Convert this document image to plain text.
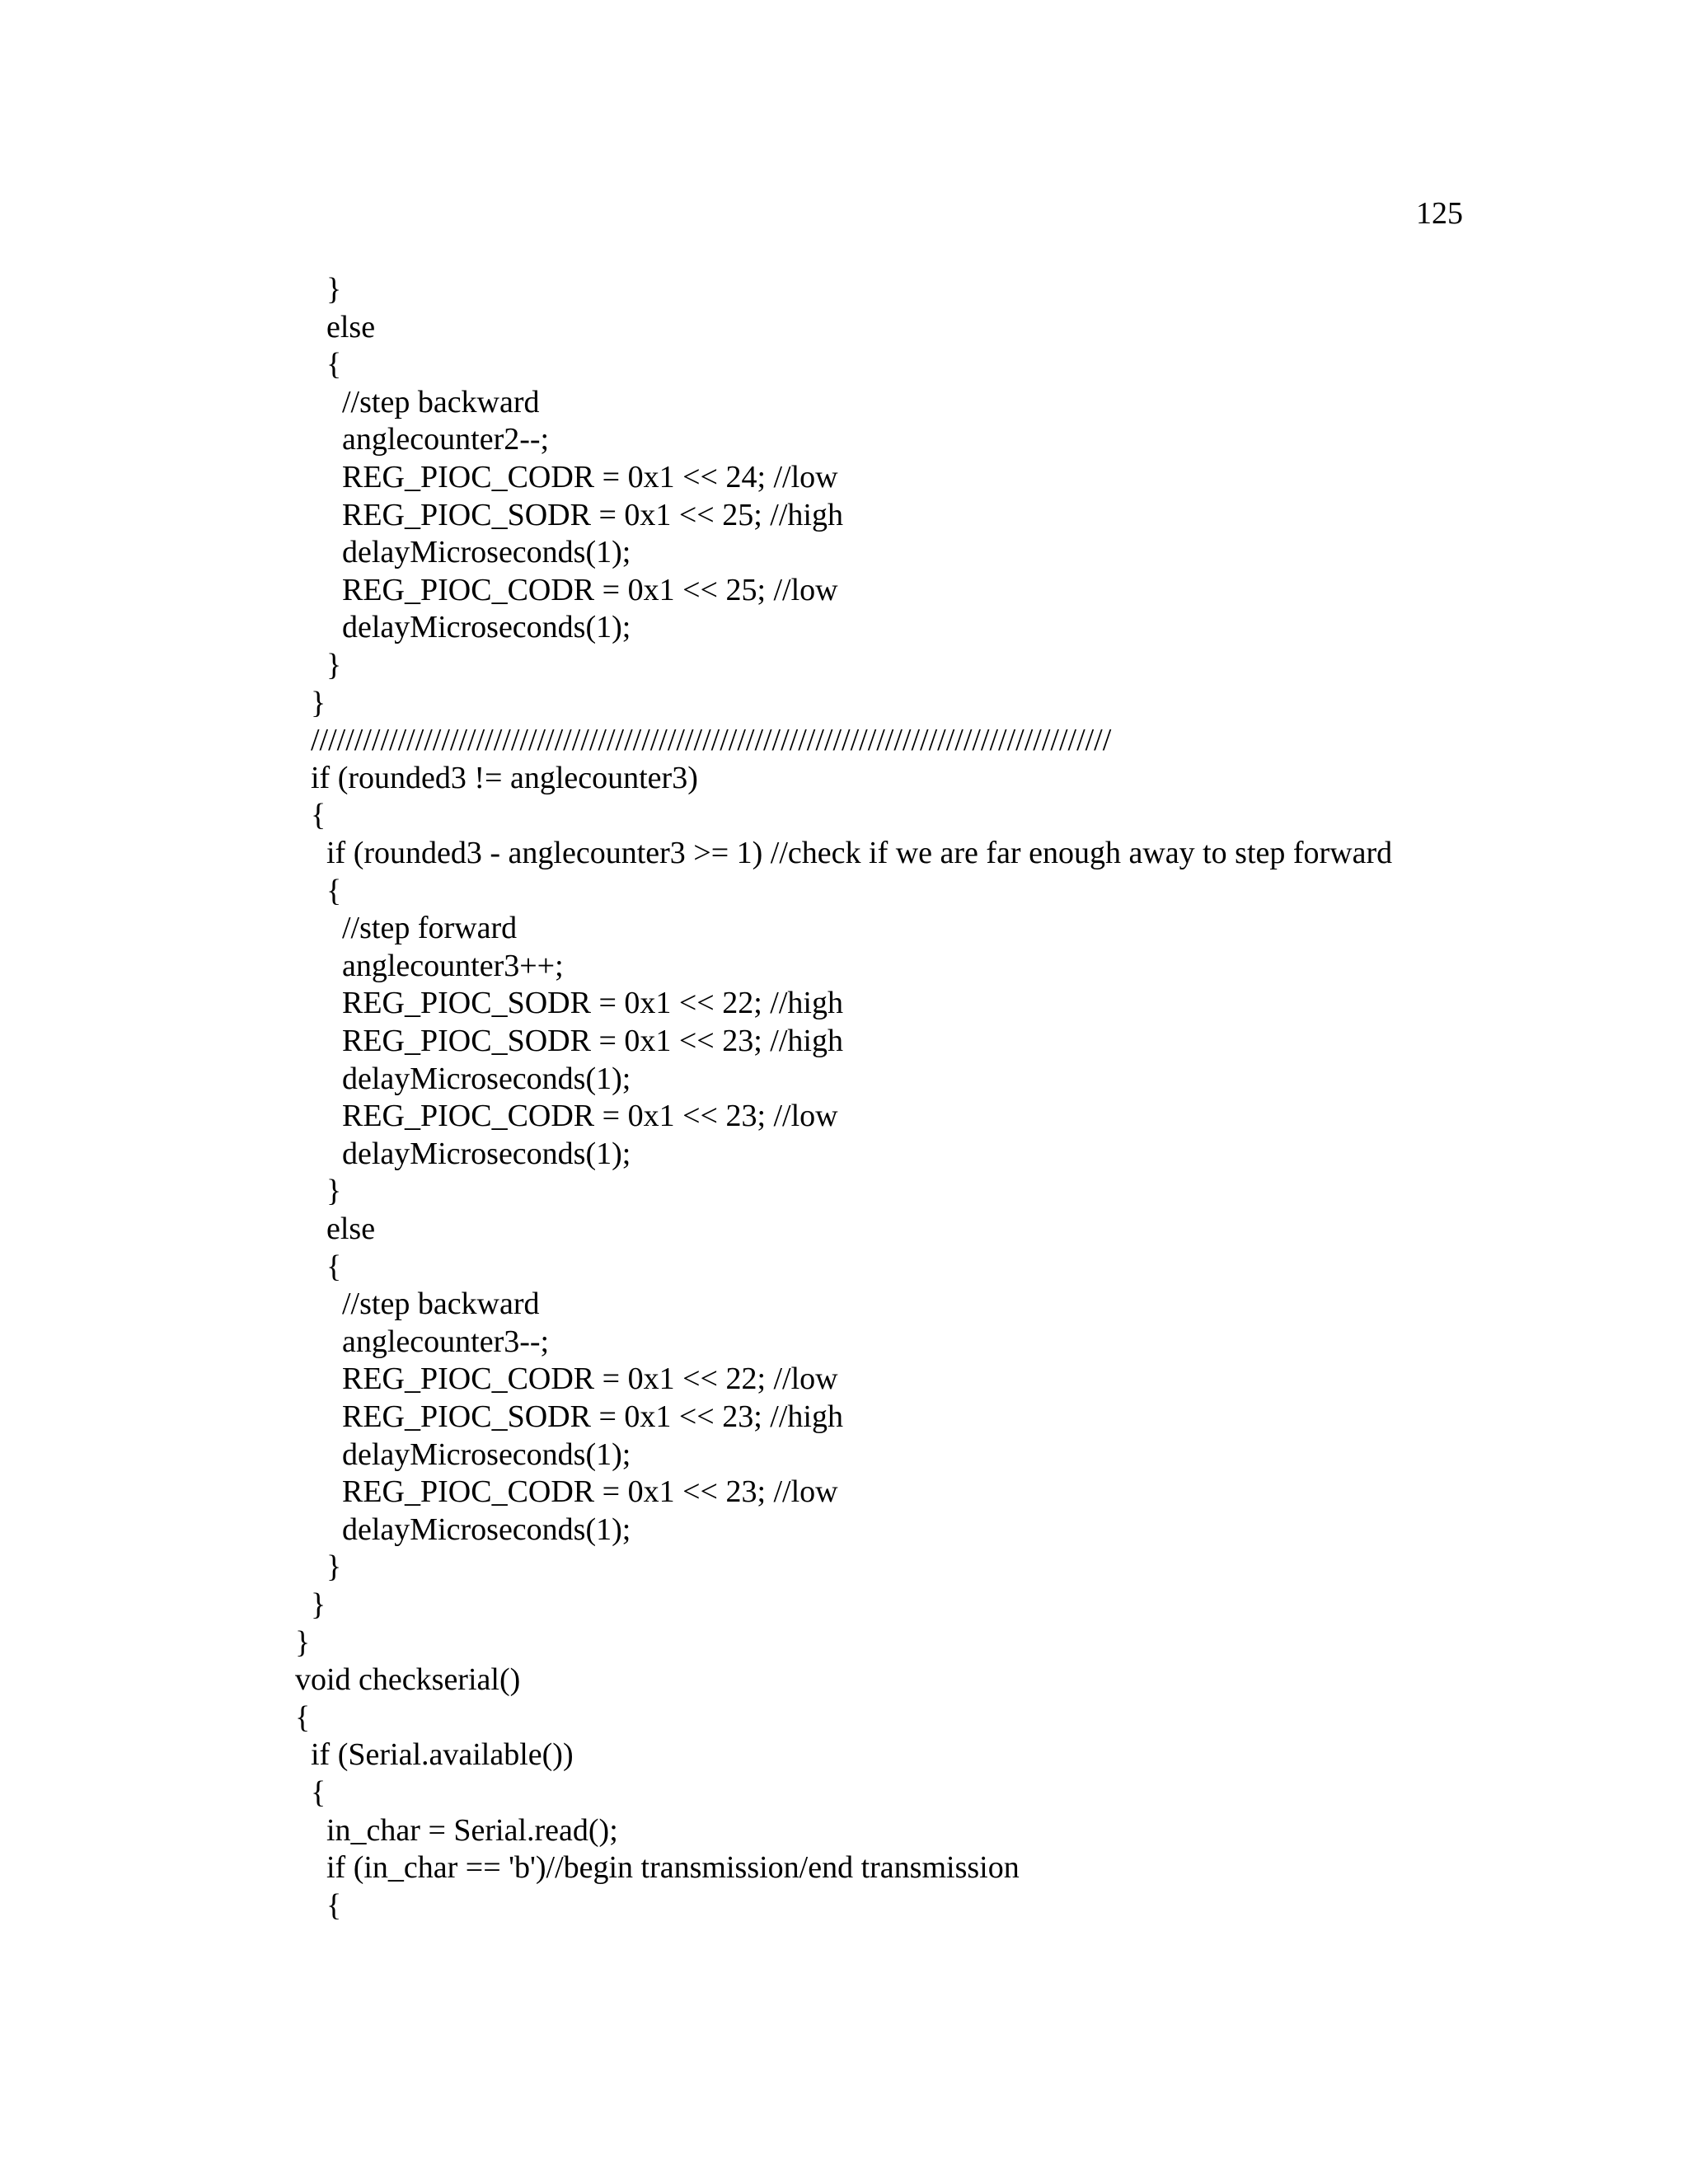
125
}
else
{
//step backward
anglecounter2--;
REG_PIOC_CODR = 0x1 << 24; //low
REG_PIOC_SODR = 0x1 << 25; //high
delayMicroseconds(1);
REG_PIOC_CODR = 0x1 << 25; //low
delayMicroseconds(1);
}
}
////////////////////////////////////////////////////////////////////////////////////////////
if (rounded3 != anglecounter3)
{
if (rounded3 - anglecounter3 >= 1) //check if we are far enough away to step forward
{
//step forward
anglecounter3++;
REG_PIOC_SODR = 0x1 << 22; //high
REG_PIOC_SODR = 0x1 << 23; //high
delayMicroseconds(1);
REG_PIOC_CODR = 0x1 << 23; //low
delayMicroseconds(1);
}
else
{
//step backward
anglecounter3--;
REG_PIOC_CODR = 0x1 << 22; //low
REG_PIOC_SODR = 0x1 << 23; //high
delayMicroseconds(1);
REG_PIOC_CODR = 0x1 << 23; //low
delayMicroseconds(1);
}
}
}
void checkserial()
{
if (Serial.available())
{
in_char = Serial.read();
if (in_char == 'b')//begin transmission/end transmission
{
